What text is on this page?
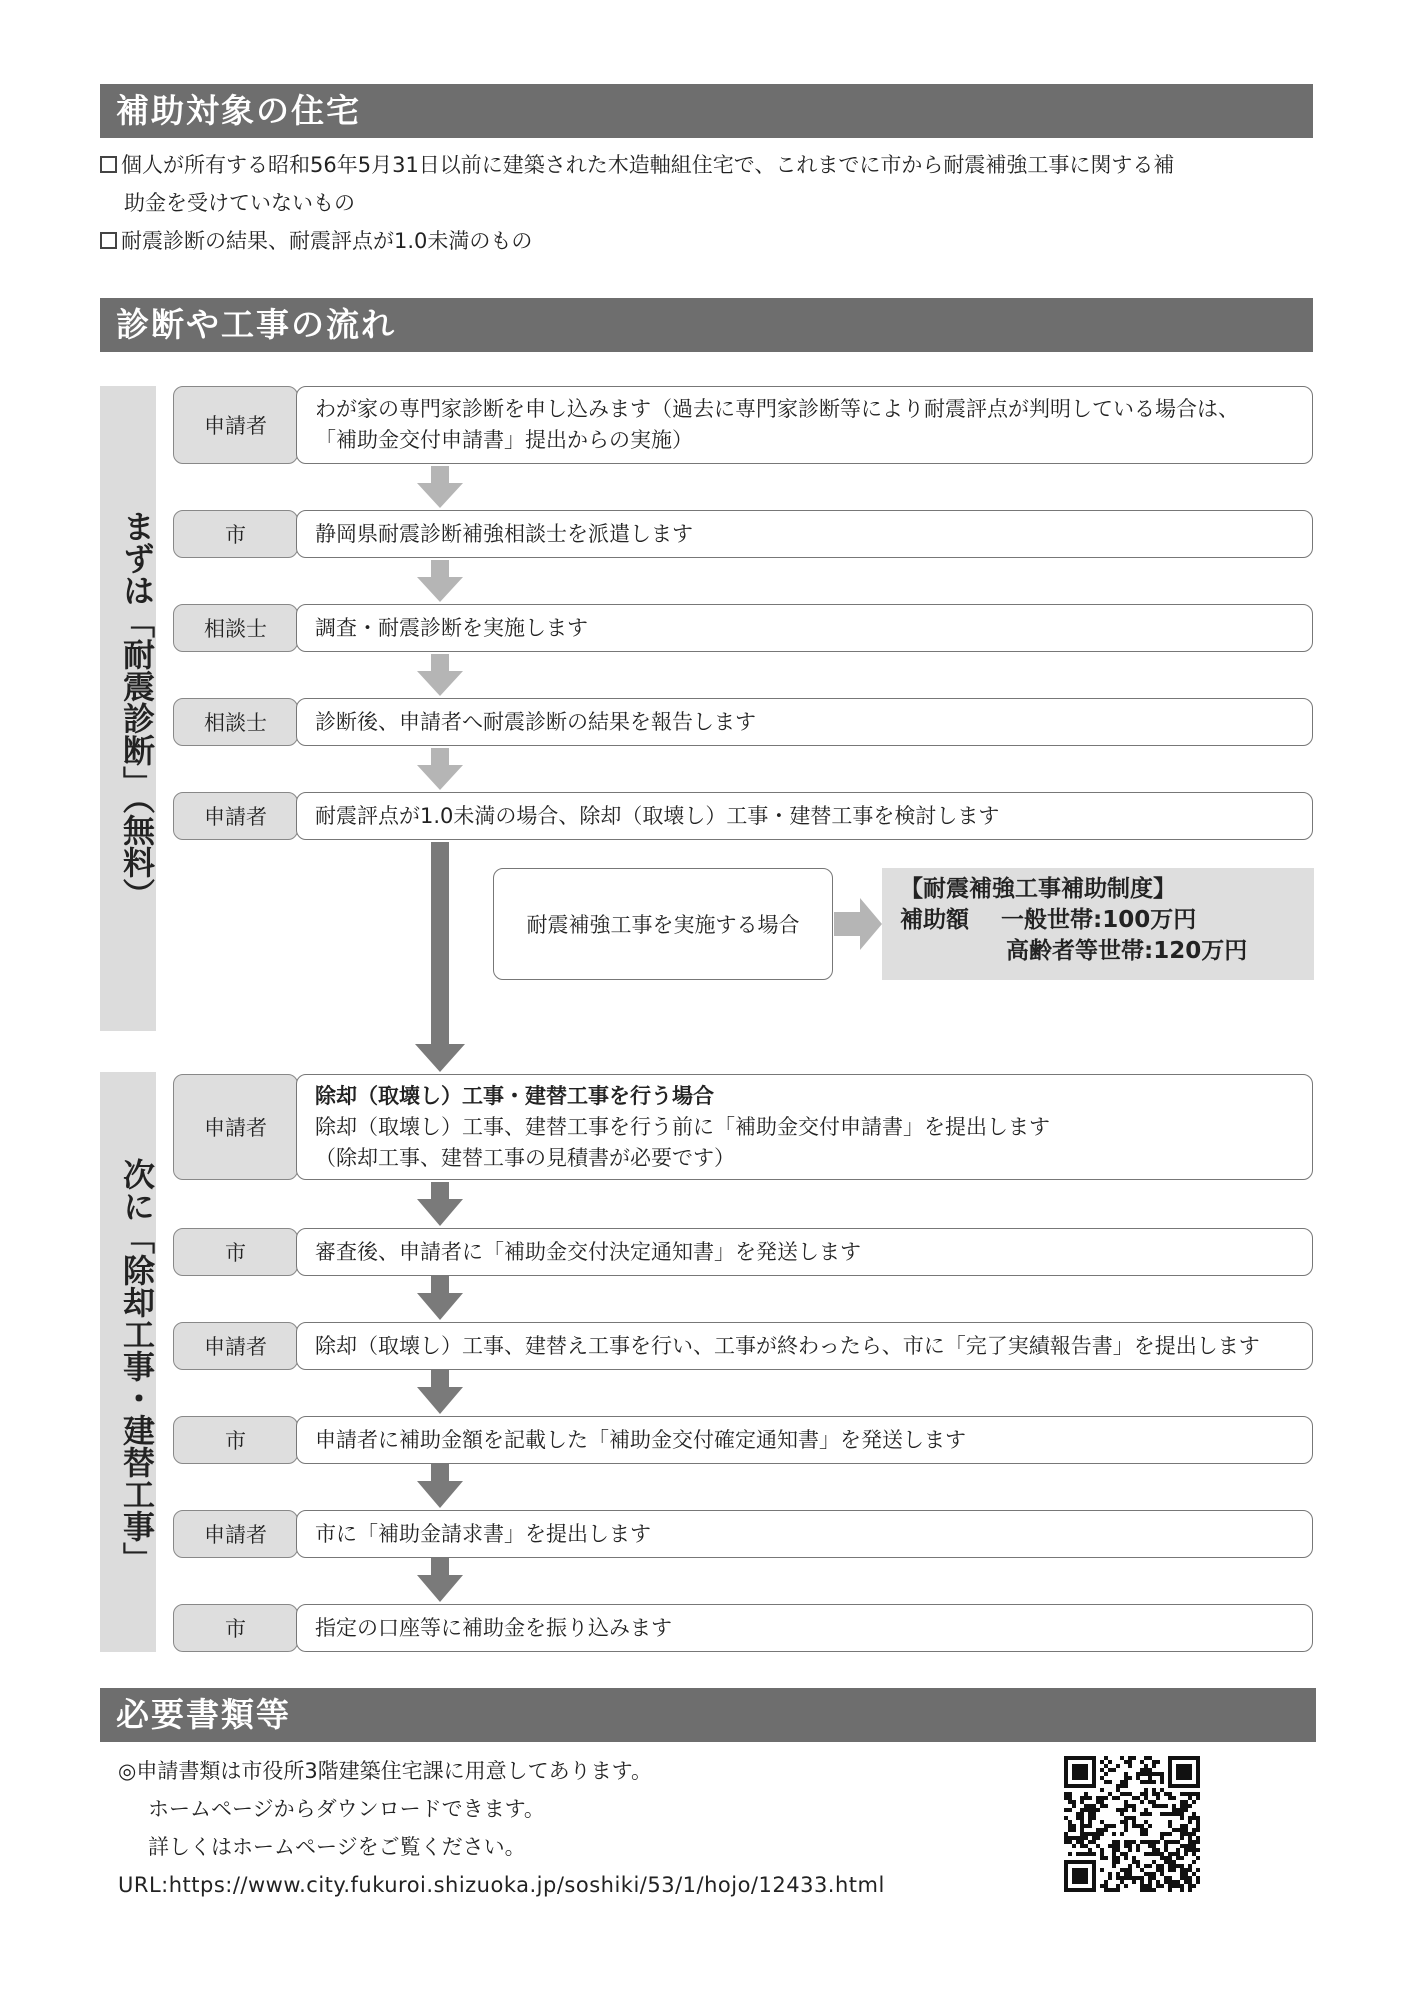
補助対象の住宅
個人が所有する昭和56年5月31日以前に建築された木造軸組住宅で、これまでに市から耐震補強工事に関する補
助金を受けていないもの
耐震診断の結果、耐震評点が1.0未満のもの
診断や工事の流れ
まずは「耐震診断」（無料）
次に「除却工事・建替工事」
申請者
わが家の専門家診断を申し込みます（過去に専門家診断等により耐震評点が判明している場合は、
「補助金交付申請書」提出からの実施）
市	静岡県耐震診断補強相談士を派遣します
相談士	調査・耐震診断を実施します
相談士	診断後、申請者へ耐震診断の結果を報告します
申請者	耐震評点が1.0未満の場合、除却（取壊し）工事・建替工事を検討します
耐震補強工事を実施する場合
【耐震補強工事補助制度】
補助額 一般世帯:100万円
高齢者等世帯:120万円
申請者
除却（取壊し）工事・建替工事を行う場合
除却（取壊し）工事、建替工事を行う前に「補助金交付申請書」を提出します
（除却工事、建替工事の見積書が必要です）
市	審査後、申請者に「補助金交付決定通知書」を発送します
申請者	除却（取壊し）工事、建替え工事を行い、工事が終わったら、市に「完了実績報告書」を提出します
市	申請者に補助金額を記載した「補助金交付確定通知書」を発送します
申請者	市に「補助金請求書」を提出します
市	指定の口座等に補助金を振り込みます
必要書類等
◎申請書類は市役所3階建築住宅課に用意してあります。
ホームページからダウンロードできます。
詳しくはホームページをご覧ください。
URL:https://www.city.fukuroi.shizuoka.jp/soshiki/53/1/hojo/12433.html
